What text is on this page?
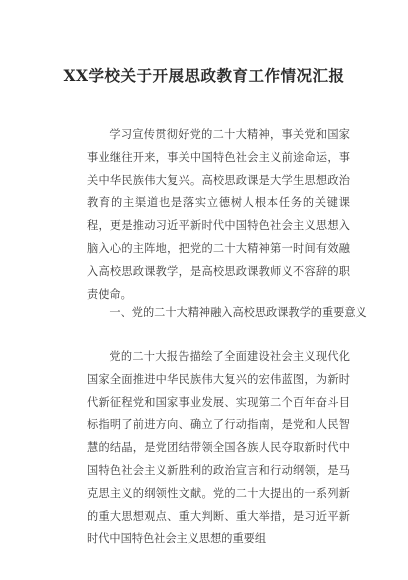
XX学校关于开展思政教育工作情况汇报

学习宣传贯彻好党的二十大精神，事关党和国家事业继往开来，事关中国特色社会主义前途命运，事关中华民族伟大复兴。高校思政课是大学生思想政治教育的主渠道也是落实立德树人根本任务的关键课程，更是推动习近平新时代中国特色社会主义思想入脑入心的主阵地，把党的二十大精神第一时间有效融入高校思政课教学，是高校思政课教师义不容辞的职责使命。

一、党的二十大精神融入高校思政课教学的重要意义

党的二十大报告描绘了全面建设社会主义现代化国家全面推进中华民族伟大复兴的宏伟蓝图，为新时代新征程党和国家事业发展、实现第二个百年奋斗目标指明了前进方向、确立了行动指南，是党和人民智慧的结晶，是党团结带领全国各族人民夺取新时代中国特色社会主义新胜利的政治宣言和行动纲领，是马克思主义的纲领性文献。党的二十大提出的一系列新的重大思想观点、重大判断、重大举措，是习近平新时代中国特色社会主义思想的重要组
